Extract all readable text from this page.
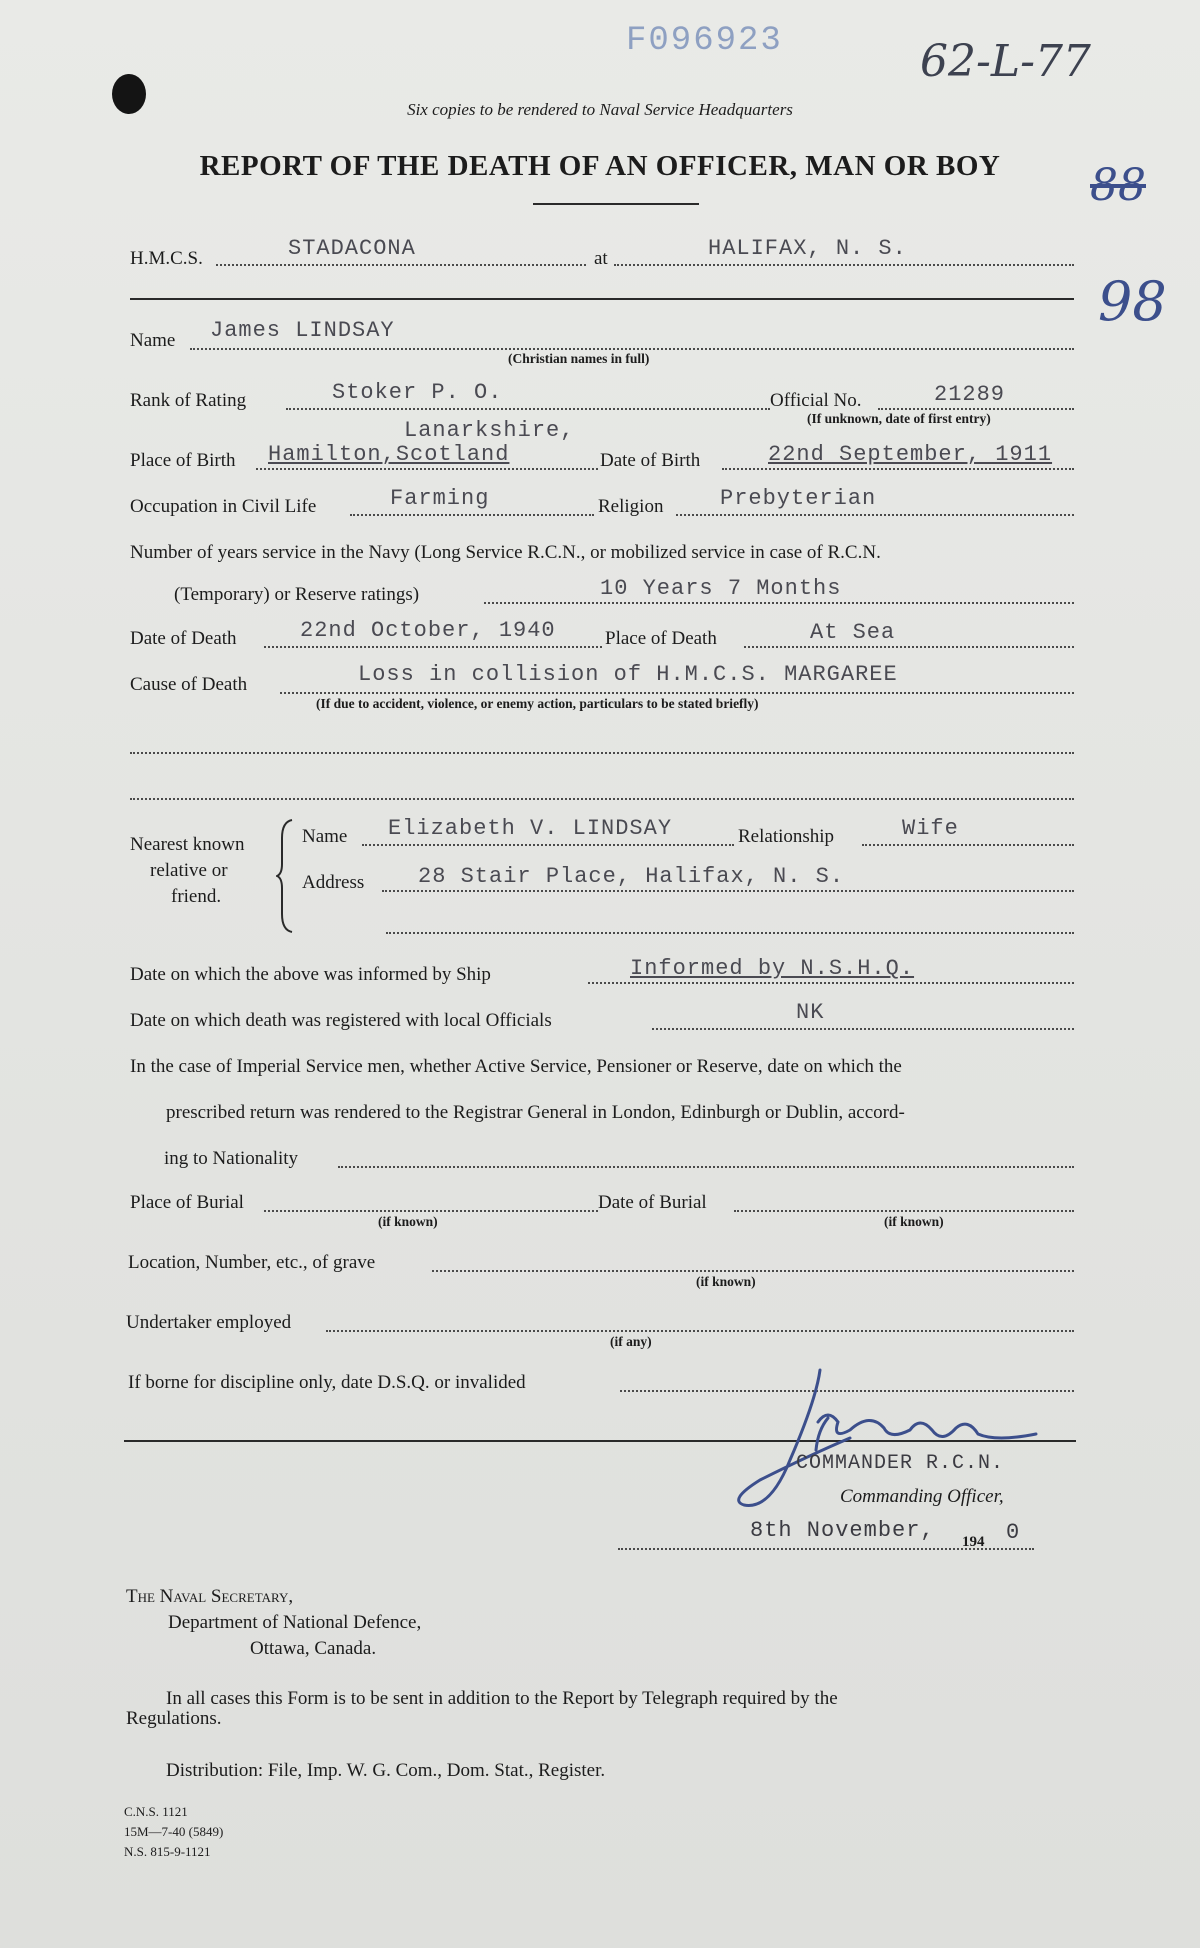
F096923	62-L-77
88
98
Six copies to be rendered to Naval Service Headquarters
REPORT OF THE DEATH OF AN OFFICER, MAN OR BOY
H.M.C.S.	STADACONA	at	HALIFAX, N. S.
Name James LINDSAY
(Christian names in full)
Rank of Rating	Stoker P. O.	Official No.	21289
(If unknown, date of first entry)
Lanarkshire,
Place of Birth Hamilton,Scotland	Date of Birth	22nd September, 1911
Occupation in Civil Life	Farming	Religion	Prebyterian
Number of years service in the Navy (Long Service R.C.N., or mobilized service in case of R.C.N.
(Temporary) or Reserve ratings)	10 Years 7 Months
Date of Death	22nd October, 1940	Place of Death	At Sea
Cause of Death	Loss in collision of H.M.C.S. MARGAREE
(If due to accident, violence, or enemy action, particulars to be stated briefly)
Nearest known
relative or
friend.
Name Elizabeth V. LINDSAY	Relationship	Wife
Address 28 Stair Place, Halifax, N. S.
Date on which the above was informed by Ship	Informed by N.S.H.Q.
Date on which death was registered with local Officials	NK
In the case of Imperial Service men, whether Active Service, Pensioner or Reserve, date on which the
prescribed return was rendered to the Registrar General in London, Edinburgh or Dublin, accord-
ing to Nationality
Place of Burial
(if known)
Date of Burial
(if known)
Location, Number, etc., of grave
(if known)
Undertaker employed
(if any)
If borne for discipline only, date D.S.Q. or invalided
COMMANDER R.C.N.
Commanding Officer,
8th November, 194 0
The Naval Secretary,
Department of National Defence,
Ottawa, Canada.
In all cases this Form is to be sent in addition to the Report by Telegraph required by the
Regulations.
Distribution: File, Imp. W. G. Com., Dom. Stat., Register.
C.N.S. 1121
15M—7-40 (5849)
N.S. 815-9-1121
